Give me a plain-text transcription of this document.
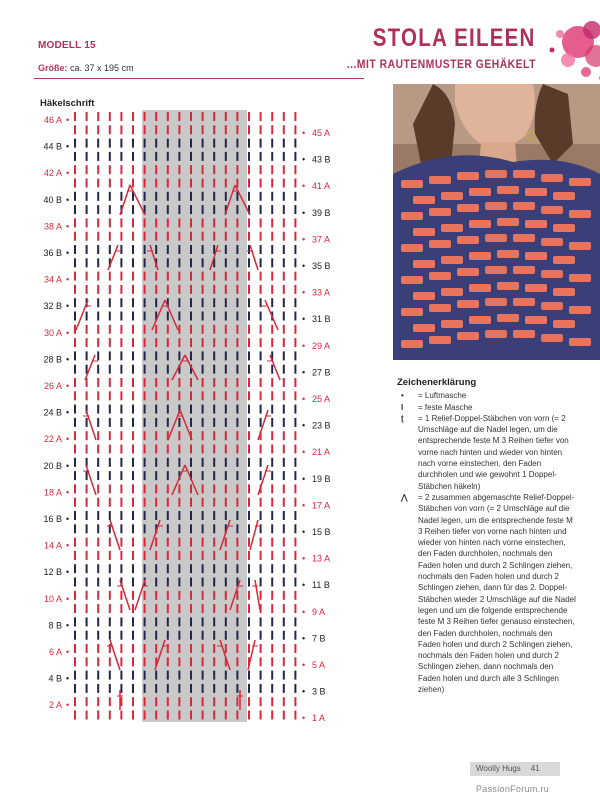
MODELL 15
Größe: ca. 37 x 195 cm
STOLA EILEEN
...MIT RAUTENMUSTER GEHÄKELT
Häkelschrift
46 A •
44 B •
42 A •
40 B •
38 A •
36 B •
34 A •
32 B •
30 A •
28 B •
26 A •
24 B •
22 A •
20 B •
18 A •
16 B •
14 A •
12 B •
10 A •
8 B •
6 A •
4 B •
2 A •
• 45 A
• 43 B
• 41 A
• 39 B
• 37 A
• 35 B
• 33 A
• 31 B
• 29 A
• 27 B
• 25 A
• 23 B
• 21 A
• 19 B
• 17 A
• 15 B
• 13 A
• 11 B
• 9 A
• 7 B
• 5 A
• 3 B
• 1 A
Zeichenerklärung
•	= Luftmasche
I	= feste Masche
ʈ	= 1 Relief-Doppel-Stäbchen von vorn (= 2 Umschläge auf die Nadel legen, um die entsprechende feste M 3 Reihen tiefer von vorne nach hinten und wieder von hinten nach vorne einstechen, den Faden durchholen und wie gewohnt 1 Doppel-Stäbchen häkeln)
⋀	= 2 zusammen abgemaschte Relief-Doppel-Stäbchen von vorn (= 2 Umschläge auf die Nadel legen, um die entsprechende feste M 3 Reihen tiefer von vorne nach hinten und wieder von hinten nach vorne einstechen, den Faden durchholen, nochmals den Faden holen und durch 2 Schlingen ziehen, nochmals den Faden holen und durch 2 Schlingen ziehen, dann für das 2. Doppel-Stäbchen wieder 2 Umschläge auf die Nadel legen und um die folgende entsprechende feste M 3 Reihen tiefer genauso einstechen, den Faden durchholen, nochmals den Faden holen und durch 2 Schlingen ziehen, nochmals den Faden holen und durch 2 Schlingen ziehen, dann nochmals den Faden holen und durch alle 3 Schlingen ziehen)
Woolly Hugs 41
PassionForum.ru
